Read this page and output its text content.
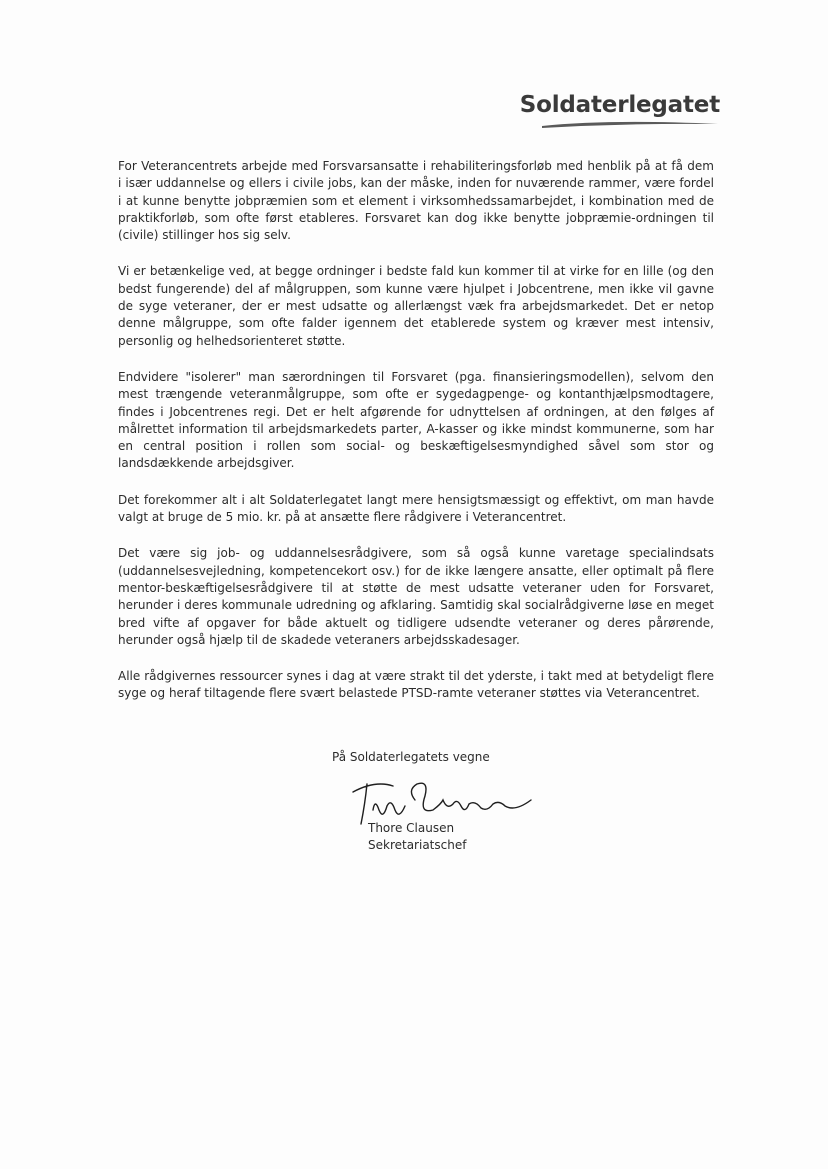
Soldaterlegatet

For Veterancentrets arbejde med Forsvarsansatte i rehabiliteringsforløb med henblik på at få dem i især uddannelse og ellers i civile jobs, kan der måske, inden for nuværende rammer, være fordel i at kunne benytte jobpræmien som et element i virksomhedssamarbejdet, i kombination med de praktikforløb, som ofte først etableres. Forsvaret kan dog ikke benytte jobpræmie-ordningen til (civile) stillinger hos sig selv.

Vi er betænkelige ved, at begge ordninger i bedste fald kun kommer til at virke for en lille (og den bedst fungerende) del af målgruppen, som kunne være hjulpet i Jobcentrene, men ikke vil gavne de syge veteraner, der er mest udsatte og allerlængst væk fra arbejdsmarkedet. Det er netop denne målgruppe, som ofte falder igennem det etablerede system og kræver mest intensiv, personlig og helhedsorienteret støtte.

Endvidere "isolerer" man særordningen til Forsvaret (pga. finansieringsmodellen), selvom den mest trængende veteranmålgruppe, som ofte er sygedagpenge- og kontanthjælpsmodtagere, findes i Jobcentrenes regi. Det er helt afgørende for udnyttelsen af ordningen, at den følges af målrettet information til arbejdsmarkedets parter, A-kasser og ikke mindst kommunerne, som har en central position i rollen som social- og beskæftigelsesmyndighed såvel som stor og landsdækkende arbejdsgiver.

Det forekommer alt i alt Soldaterlegatet langt mere hensigtsmæssigt og effektivt, om man havde valgt at bruge de 5 mio. kr. på at ansætte flere rådgivere i Veterancentret.

Det være sig job- og uddannelsesrådgivere, som så også kunne varetage specialindsats (uddannelsesvejledning, kompetencekort osv.) for de ikke længere ansatte, eller optimalt på flere mentor-beskæftigelsesrådgivere til at støtte de mest udsatte veteraner uden for Forsvaret, herunder i deres kommunale udredning og afklaring. Samtidig skal socialrådgiverne løse en meget bred vifte af opgaver for både aktuelt og tidligere udsendte veteraner og deres pårørende, herunder også hjælp til de skadede veteraners arbejdsskadesager.

Alle rådgivernes ressourcer synes i dag at være strakt til det yderste, i takt med at betydeligt flere syge og heraf tiltagende flere svært belastede PTSD-ramte veteraner støttes via Veterancentret.

På Soldaterlegatets vegne

Thore Clausen
Sekretariatschef
